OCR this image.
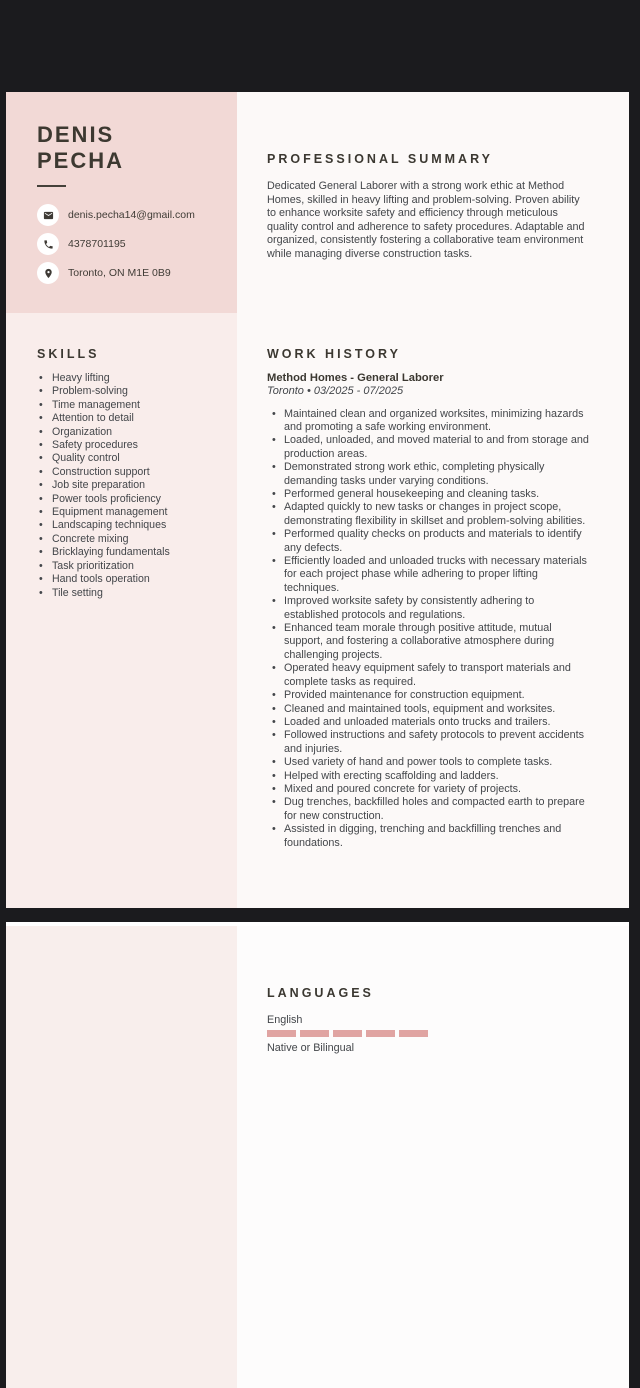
DENIS
PECHA
denis.pecha14@gmail.com
4378701195
Toronto, ON M1E 0B9
SKILLS
• Heavy lifting
• Problem-solving
• Time management
• Attention to detail
• Organization
• Safety procedures
• Quality control
• Construction support
• Job site preparation
• Power tools proficiency
• Equipment management
• Landscaping techniques
• Concrete mixing
• Bricklaying fundamentals
• Task prioritization
• Hand tools operation
• Tile setting
PROFESSIONAL SUMMARY

Dedicated General Laborer with a strong work ethic at Method Homes, skilled in heavy lifting and problem-solving. Proven ability to enhance worksite safety and efficiency through meticulous quality control and adherence to safety procedures. Adaptable and organized, consistently fostering a collaborative team environment while managing diverse construction tasks.

WORK HISTORY
Method Homes - General Laborer
Toronto • 03/2025 - 07/2025
• Maintained clean and organized worksites, minimizing hazards and promoting a safe working environment.
• Loaded, unloaded, and moved material to and from storage and production areas.
• Demonstrated strong work ethic, completing physically demanding tasks under varying conditions.
• Performed general housekeeping and cleaning tasks.
• Adapted quickly to new tasks or changes in project scope, demonstrating flexibility in skillset and problem-solving abilities.
• Performed quality checks on products and materials to identify any defects.
• Efficiently loaded and unloaded trucks with necessary materials for each project phase while adhering to proper lifting techniques.
• Improved worksite safety by consistently adhering to established protocols and regulations.
• Enhanced team morale through positive attitude, mutual support, and fostering a collaborative atmosphere during challenging projects.
• Operated heavy equipment safely to transport materials and complete tasks as required.
• Provided maintenance for construction equipment.
• Cleaned and maintained tools, equipment and worksites.
• Loaded and unloaded materials onto trucks and trailers.
• Followed instructions and safety protocols to prevent accidents and injuries.
• Used variety of hand and power tools to complete tasks.
• Helped with erecting scaffolding and ladders.
• Mixed and poured concrete for variety of projects.
• Dug trenches, backfilled holes and compacted earth to prepare for new construction.
• Assisted in digging, trenching and backfilling trenches and foundations.
LANGUAGES
English
Native or Bilingual
